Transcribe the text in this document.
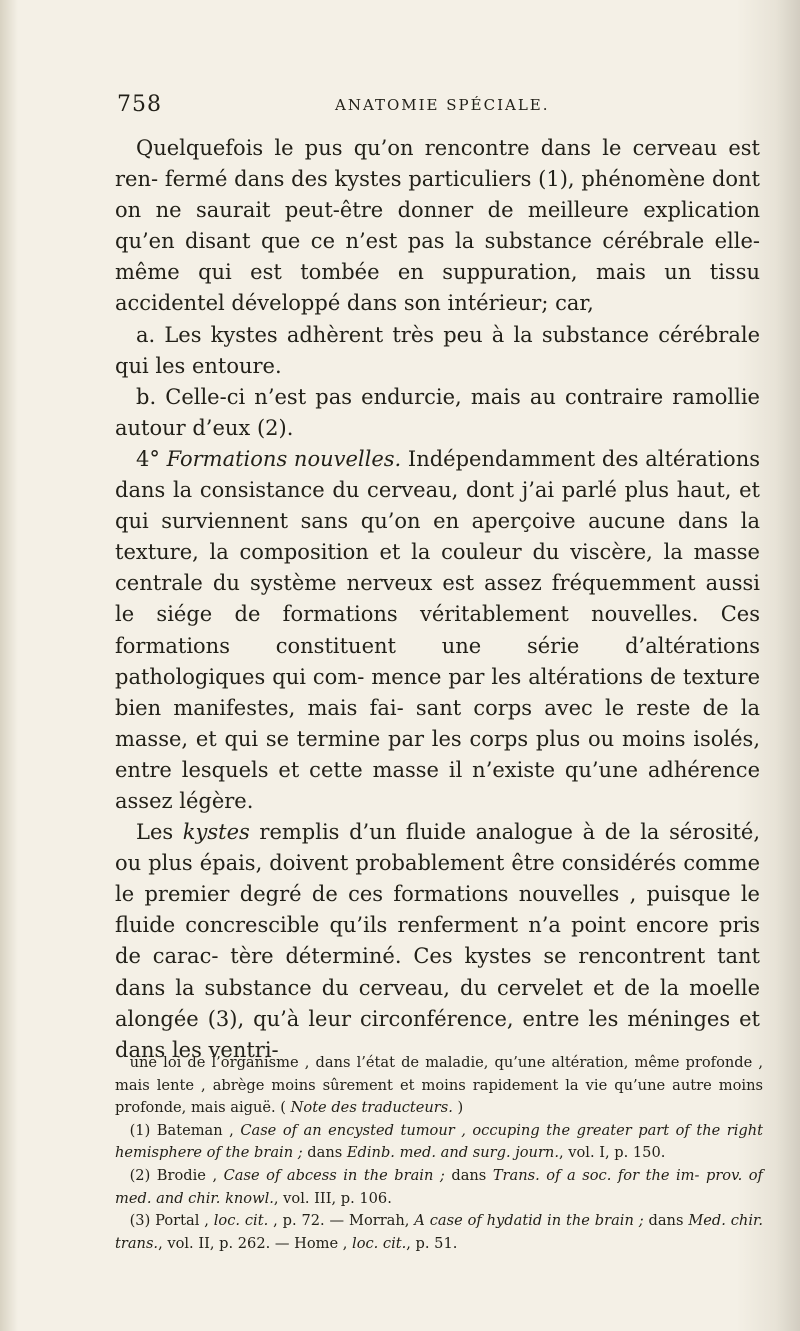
758	ANATOMIE SPÉCIALE.

 Quelquefois le pus qu’on rencontre dans le cerveau est ren- fermé dans des kystes particuliers (1), phénomène dont on ne saurait peut-être donner de meilleure explication qu’en disant que ce n’est pas la substance cérébrale elle-même qui est tombée en suppuration, mais un tissu accidentel développé dans son intérieur; car,

 a. Les kystes adhèrent très peu à la substance cérébrale qui les entoure.

 b. Celle-ci n’est pas endurcie, mais au contraire ramollie autour d’eux (2).

 4° Formations nouvelles. Indépendamment des altérations dans la consistance du cerveau, dont j’ai parlé plus haut, et qui surviennent sans qu’on en aperçoive aucune dans la texture, la composition et la couleur du viscère, la masse centrale du système nerveux est assez fréquemment aussi le siége de formations véritablement nouvelles. Ces formations constituent une série d’altérations pathologiques qui com- mence par les altérations de texture bien manifestes, mais fai- sant corps avec le reste de la masse, et qui se termine par les corps plus ou moins isolés, entre lesquels et cette masse il n’existe qu’une adhérence assez légère.

 Les kystes remplis d’un fluide analogue à de la sérosité, ou plus épais, doivent probablement être considérés comme le premier degré de ces formations nouvelles , puisque le fluide concrescible qu’ils renferment n’a point encore pris de carac- tère déterminé. Ces kystes se rencontrent tant dans la substance du cerveau, du cervelet et de la moelle alongée (3), qu’à leur circonférence, entre les méninges et dans les ventri-

 une loi de l’organisme , dans l’état de maladie, qu’une altération, même profonde , mais lente , abrège moins sûrement et moins rapidement la vie qu’une autre moins profonde, mais aiguë. ( Note des traducteurs. )

 (1) Bateman , Case of an encysted tumour , occuping the greater part of the right hemisphere of the brain ; dans Edinb. med. and surg. journ., vol. I, p. 150.

 (2) Brodie , Case of abcess in the brain ; dans Trans. of a soc. for the im- prov. of med. and chir. knowl., vol. III, p. 106.

 (3) Portal , loc. cit. , p. 72. — Morrah, A case of hydatid in the brain ; dans Med. chir. trans., vol. II, p. 262. — Home , loc. cit., p. 51.
